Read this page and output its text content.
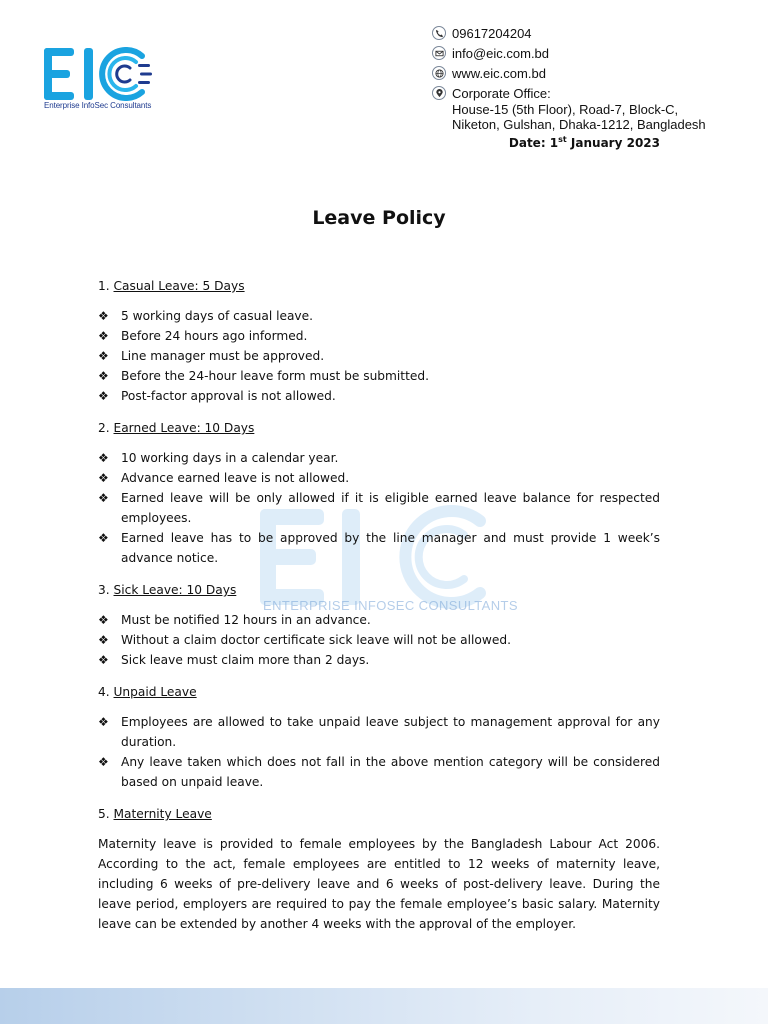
Enterprise InfoSec Consultants
09617204204
info@eic.com.bd
www.eic.com.bd
Corporate Office:
House-15 (5th Floor), Road-7, Block-C,
Niketon, Gulshan, Dhaka-1212, Bangladesh
Date: 1st January 2023
Leave Policy
ENTERPRISE INFOSEC CONSULTANTS

1. Casual Leave: 5 Days

❖ 5 working days of casual leave.
❖ Before 24 hours ago informed.
❖ Line manager must be approved.
❖ Before the 24-hour leave form must be submitted.
❖ Post-factor approval is not allowed.

2. Earned Leave: 10 Days

❖ 10 working days in a calendar year.
❖ Advance earned leave is not allowed.
❖ Earned leave will be only allowed if it is eligible earned leave balance for respected employees.
❖ Earned leave has to be approved by the line manager and must provide 1 week’s advance notice.

3. Sick Leave: 10 Days

❖ Must be notified 12 hours in an advance.
❖ Without a claim doctor certificate sick leave will not be allowed.
❖ Sick leave must claim more than 2 days.

4. Unpaid Leave

❖ Employees are allowed to take unpaid leave subject to management approval for any duration.
❖ Any leave taken which does not fall in the above mention category will be considered based on unpaid leave.

5. Maternity Leave

Maternity leave is provided to female employees by the Bangladesh Labour Act 2006. According to the act, female employees are entitled to 12 weeks of maternity leave, including 6 weeks of pre-delivery leave and 6 weeks of post-delivery leave. During the leave period, employers are required to pay the female employee’s basic salary. Maternity leave can be extended by another 4 weeks with the approval of the employer.
